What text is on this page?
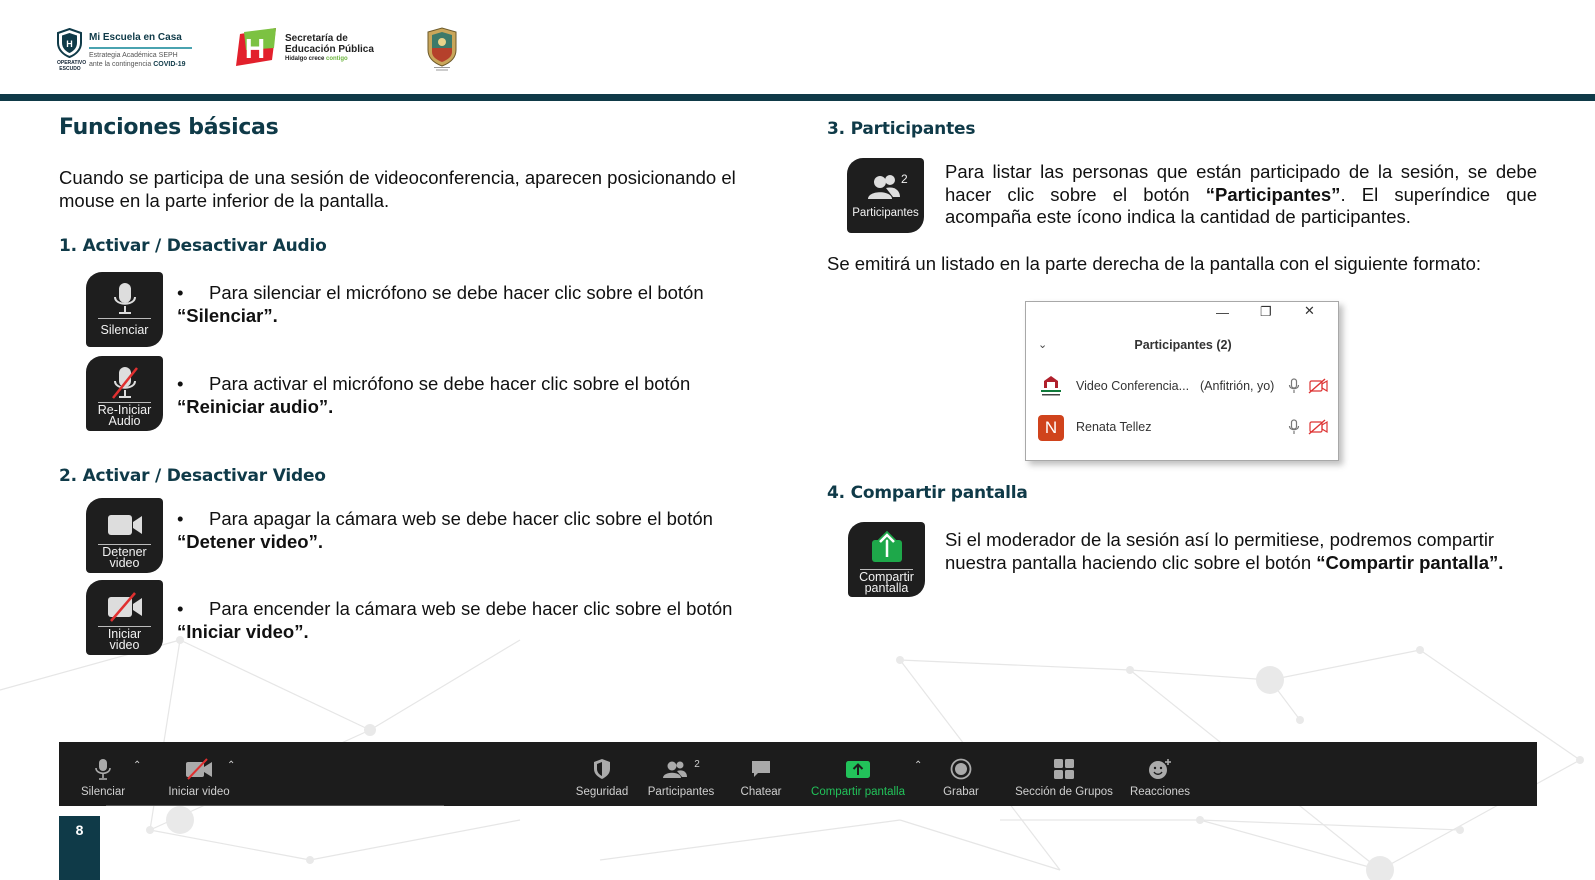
H
OPERATIVO ESCUDO
Mi Escuela en Casa
Estrategia Académica SEPH
ante la contingencia COVID-19
H Secretaría de
Educación Pública
Hidalgo crece contigo
Funciones básicas
Cuando se participa de una sesión de videoconferencia, aparecen posicionando el mouse en la parte inferior de la pantalla.
1. Activar / Desactivar Audio
Silenciar
• Para silenciar el micrófono se debe hacer clic sobre el botón
“Silenciar”.
Re-Iniciar
Audio
• Para activar el micrófono se debe hacer clic sobre el botón
“Reiniciar audio”.
2. Activar / Desactivar Video
Detener
video
• Para apagar la cámara web se debe hacer clic sobre el botón
“Detener video”.
Iniciar
video
• Para encender la cámara web se debe hacer clic sobre el botón
“Iniciar video”.
3. Participantes
2
Participantes
Para listar las personas que están participado de la sesión, se debe hacer clic sobre el botón “Participantes”. El superíndice que acompaña este ícono indica la cantidad de participantes.
Se emitirá un listado en la parte derecha de la pantalla con el siguiente formato:
— ❐ ✕
⌄	Participantes (2)
Video Conferencia... (Anfitrión, yo)
N	Renata Tellez
4. Compartir pantalla
Compartir
pantalla
Si el moderador de la sesión así lo permitiese, podremos compartir nuestra pantalla haciendo clic sobre el botón “Compartir pantalla”.
Silenciar
⌃
Iniciar video
⌃
Seguridad
2
Participantes	Chatear	Compartir pantalla
⌃
Grabar	Sección de Grupos	Reacciones
8
